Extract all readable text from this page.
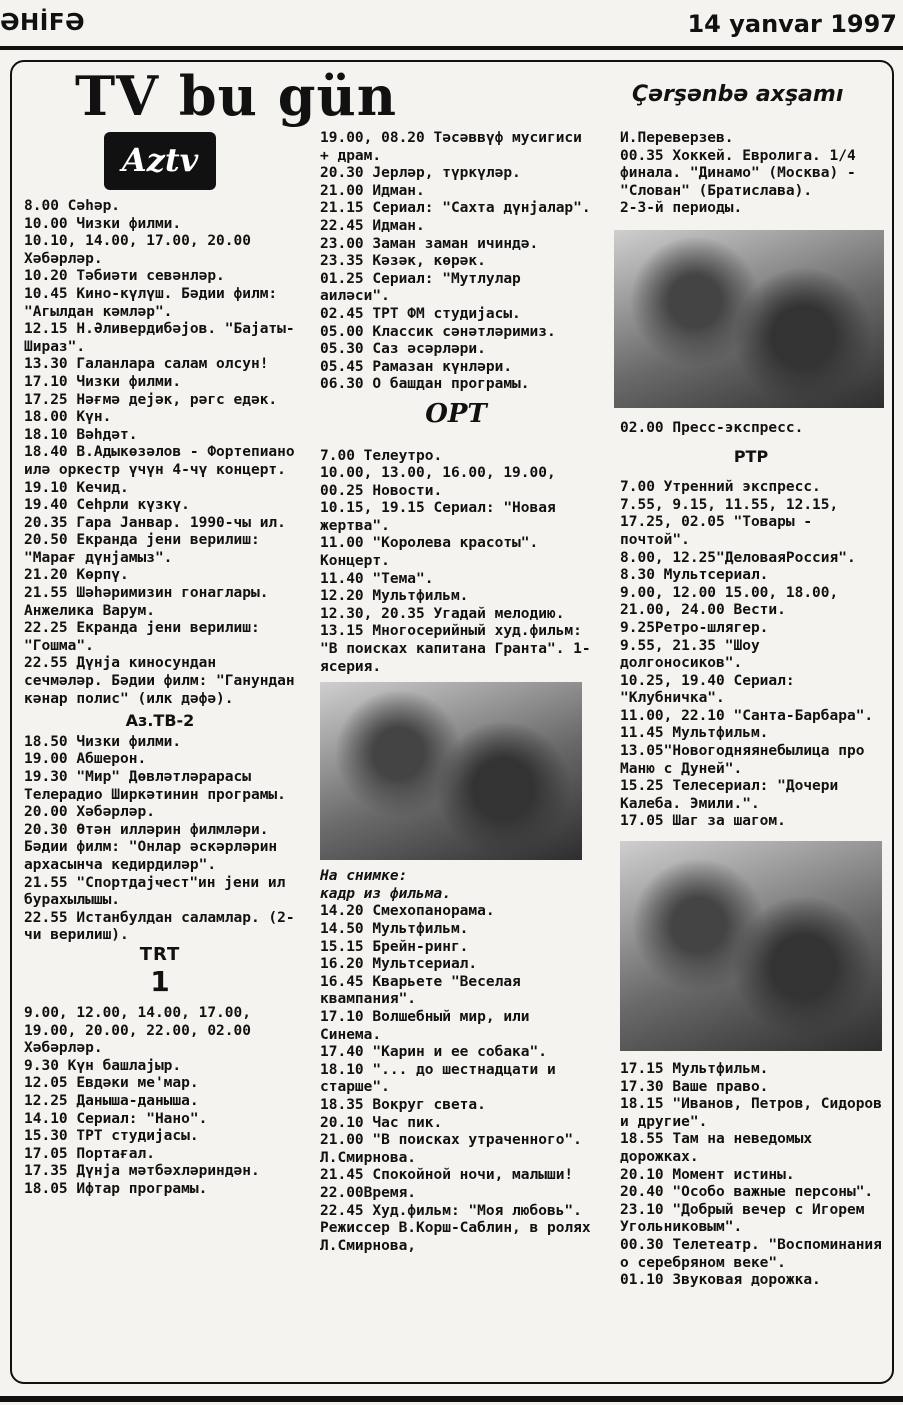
ӘНİFӘ	14 yanvar 1997
TV bu gün	Çərşənbə axşamı
Aztv

8.00 Сәһәр.

10.00 Чизки филми.

10.10, 14.00, 17.00, 20.00 Хәбәрләр.

10.20 Тәбиәти севәнләр.

10.45 Кино-күлүш. Бәдии филм: "Агылдан кәмләр".

12.15 Н.Әливердибәјов. "Бајаты-Шираз".

13.30 Галанлара салам олсун!

17.10 Чизки филми.

17.25 Нәғмә дејәк, рәгс едәк.

18.00 Күн.

18.10 Вәһдәт.

18.40 В.Адыкөзәлов - Фортепиано илә оркестр үчүн 4-чү концерт.

19.10 Кечид.

19.40 Сеһрли күзкү.

20.35 Гара Јанвар. 1990-чы ил.

20.50 Екранда јени верилиш: "Марағ дүнјамыз".

21.20 Көрпү.

21.55 Шәһәримизин гонаглары. Анжелика Варум.

22.25 Екранда јени верилиш: "Гошма".

22.55 Дүнја киносундан сечмәләр. Бәдии филм: "Ганундан кәнар полис" (илк дәфә).

Аз.ТВ-2

18.50 Чизки филми.

19.00 Абшерон.

19.30 "Мир" Дөвләтләрарасы Телерадио Ширкәтинин програмы.

20.00 Хәбәрләр.

20.30 Өтән илләрин филмләри. Бәдии филм: "Онлар әскәрләрин архасынча кедирдиләр".

21.55 "Спортдајҹест"ин јени ил бураxылышы.

22.55 Истанбулдан саламлар. (2-чи верилиш).

TRT
1

9.00, 12.00, 14.00, 17.00, 19.00, 20.00, 22.00, 02.00 Хәбәрләр.

9.30 Күн башлајыр.

12.05 Евдәки ме'мар.

12.25 Даныша-даныша.

14.10 Сериал: "Нано".

15.30 ТРТ студијасы.

17.05 Портағал.

17.35 Дүнја мәтбәхләриндән.

18.05 Ифтар програмы.

19.00, 08.20 Тәсәввүф мусигиси + драм.

20.30 Јерләр, түркүләр.

21.00 Идман.

21.15 Сериал: "Сахта дүнјалар".

22.45 Идман.

23.00 Заман заман ичиндә.

23.35 Кәзәк, көрәк.

01.25 Сериал: "Мутлулар аиләси".

02.45 ТРТ ФМ студијасы.

05.00 Классик сәнәтләримиз.

05.30 Саз әсәрләри.

05.45 Рамазан күнләри.

06.30 О башдан програмы.

ОРТ

7.00 Телеутро.

10.00, 13.00, 16.00, 19.00, 00.25 Новости.

10.15, 19.15 Сериал: "Новая жертва".

11.00 "Королева красоты". Концерт.

11.40 "Тема".

12.20 Мультфильм.

12.30, 20.35 Угадай мелодию.

13.15 Многосерийный худ.фильм: "В поисках капитана Гранта". 1-ясерия.

На снимке:

кадр из фильма.

14.20 Смехопанорама.

14.50 Мультфильм.

15.15 Брейн-ринг.

16.20 Мультсериал.

16.45 Кварьете "Веселая квампания".

17.10 Волшебный мир, или Синема.

17.40 "Карин и ее собака".

18.10 "... до шестнадцати и старше".

18.35 Вокруг света.

20.10 Час пик.

21.00 "В поисках утраченного". Л.Смирнова.

21.45 Спокойной ночи, малыши!

22.00Время.

22.45 Худ.фильм: "Моя любовь". Режиссер В.Корш-Саблин, в ролях Л.Смирнова,

И.Переверзев.

00.35 Хоккей. Евролига. 1/4 финала. "Динамо" (Москва) - "Слован" (Братислава).

2-3-й периоды.

02.00 Пресс-экспресс.

РТР

7.00 Утренний экспресс.

7.55, 9.15, 11.55, 12.15, 17.25, 02.05 "Товары - почтой".

8.00, 12.25"ДеловаяРоссия".

8.30 Мультсериал.

9.00, 12.00 15.00, 18.00, 21.00, 24.00 Вести.

9.25Ретро-шлягер.

9.55, 21.35 "Шоу долгоносиков".

10.25, 19.40 Сериал: "Клубничка".

11.00, 22.10 "Санта-Барбара".

11.45 Мультфильм.

13.05"Новогодняянебылица про Маню с Дуней".

15.25 Телесериал: "Дочери Калеба. Эмили.".

17.05 Шаг за шагом.

17.15 Мультфильм.

17.30 Ваше право.

18.15 "Иванов, Петров, Сидоров и другие".

18.55 Там на неведомых дорожках.

20.10 Момент истины.

20.40 "Особо важные персоны".

23.10 "Добрый вечер с Игорем Угольниковым".

00.30 Телетеатр. "Воспоминания о серебряном веке".

01.10 Звуковая дорожка.
